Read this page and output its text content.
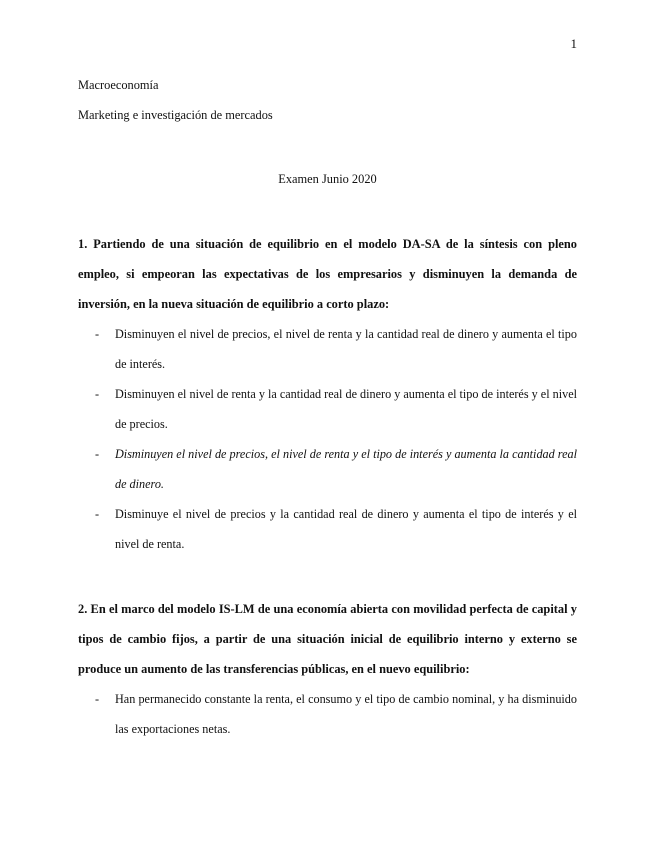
1
Macroeconomía
Marketing e investigación de mercados
Examen Junio 2020

1. Partiendo de una situación de equilibrio en el modelo DA-SA de la síntesis con pleno empleo, si empeoran las expectativas de los empresarios y disminuyen la demanda de inversión, en la nueva situación de equilibrio a corto plazo:

- Disminuyen el nivel de precios, el nivel de renta y la cantidad real de dinero y aumenta el tipo de interés.
- Disminuyen el nivel de renta y la cantidad real de dinero y aumenta el tipo de interés y el nivel de precios.
- Disminuyen el nivel de precios, el nivel de renta y el tipo de interés y aumenta la cantidad real de dinero.
- Disminuye el nivel de precios y la cantidad real de dinero y aumenta el tipo de interés y el nivel de renta.

2. En el marco del modelo IS-LM de una economía abierta con movilidad perfecta de capital y tipos de cambio fijos, a partir de una situación inicial de equilibrio interno y externo se produce un aumento de las transferencias públicas, en el nuevo equilibrio:

- Han permanecido constante la renta, el consumo y el tipo de cambio nominal, y ha disminuido las exportaciones netas.
